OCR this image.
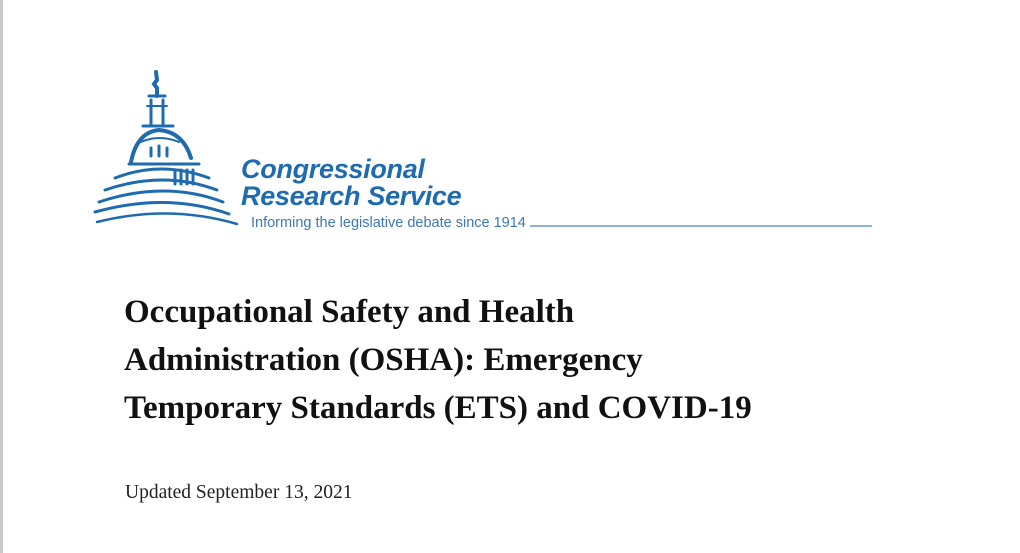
Congressional
Research Service
Informing the legislative debate since 1914
Occupational Safety and Health
Administration (OSHA): Emergency
Temporary Standards (ETS) and COVID-19
Updated September 13, 2021
